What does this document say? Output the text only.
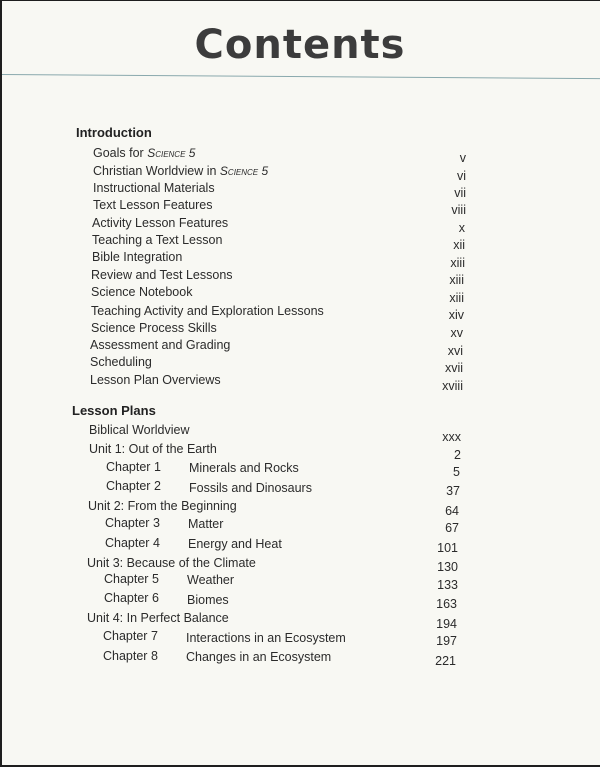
Contents
Introduction
Goals for Science 5	v
Christian Worldview in Science 5	vi
Instructional Materials	vii
Text Lesson Features	viii
Activity Lesson Features	x
Teaching a Text Lesson	xii
Bible Integration	xiii
Review and Test Lessons	xiii
Science Notebook	xiii
Teaching Activity and Exploration Lessons	xiv
Science Process Skills	xv
Assessment and Grading	xvi
Scheduling	xvii
Lesson Plan Overviews	xviii
Lesson Plans
Biblical Worldview	xxx
Unit 1: Out of the Earth	2
Chapter 1 Minerals and Rocks	5
Chapter 2 Fossils and Dinosaurs	37
Unit 2: From the Beginning	64
Chapter 3 Matter	67
Chapter 4 Energy and Heat	101
Unit 3: Because of the Climate	130
Chapter 5 Weather	133
Chapter 6 Biomes	163
Unit 4: In Perfect Balance	194
Chapter 7 Interactions in an Ecosystem	197
Chapter 8 Changes in an Ecosystem	221
